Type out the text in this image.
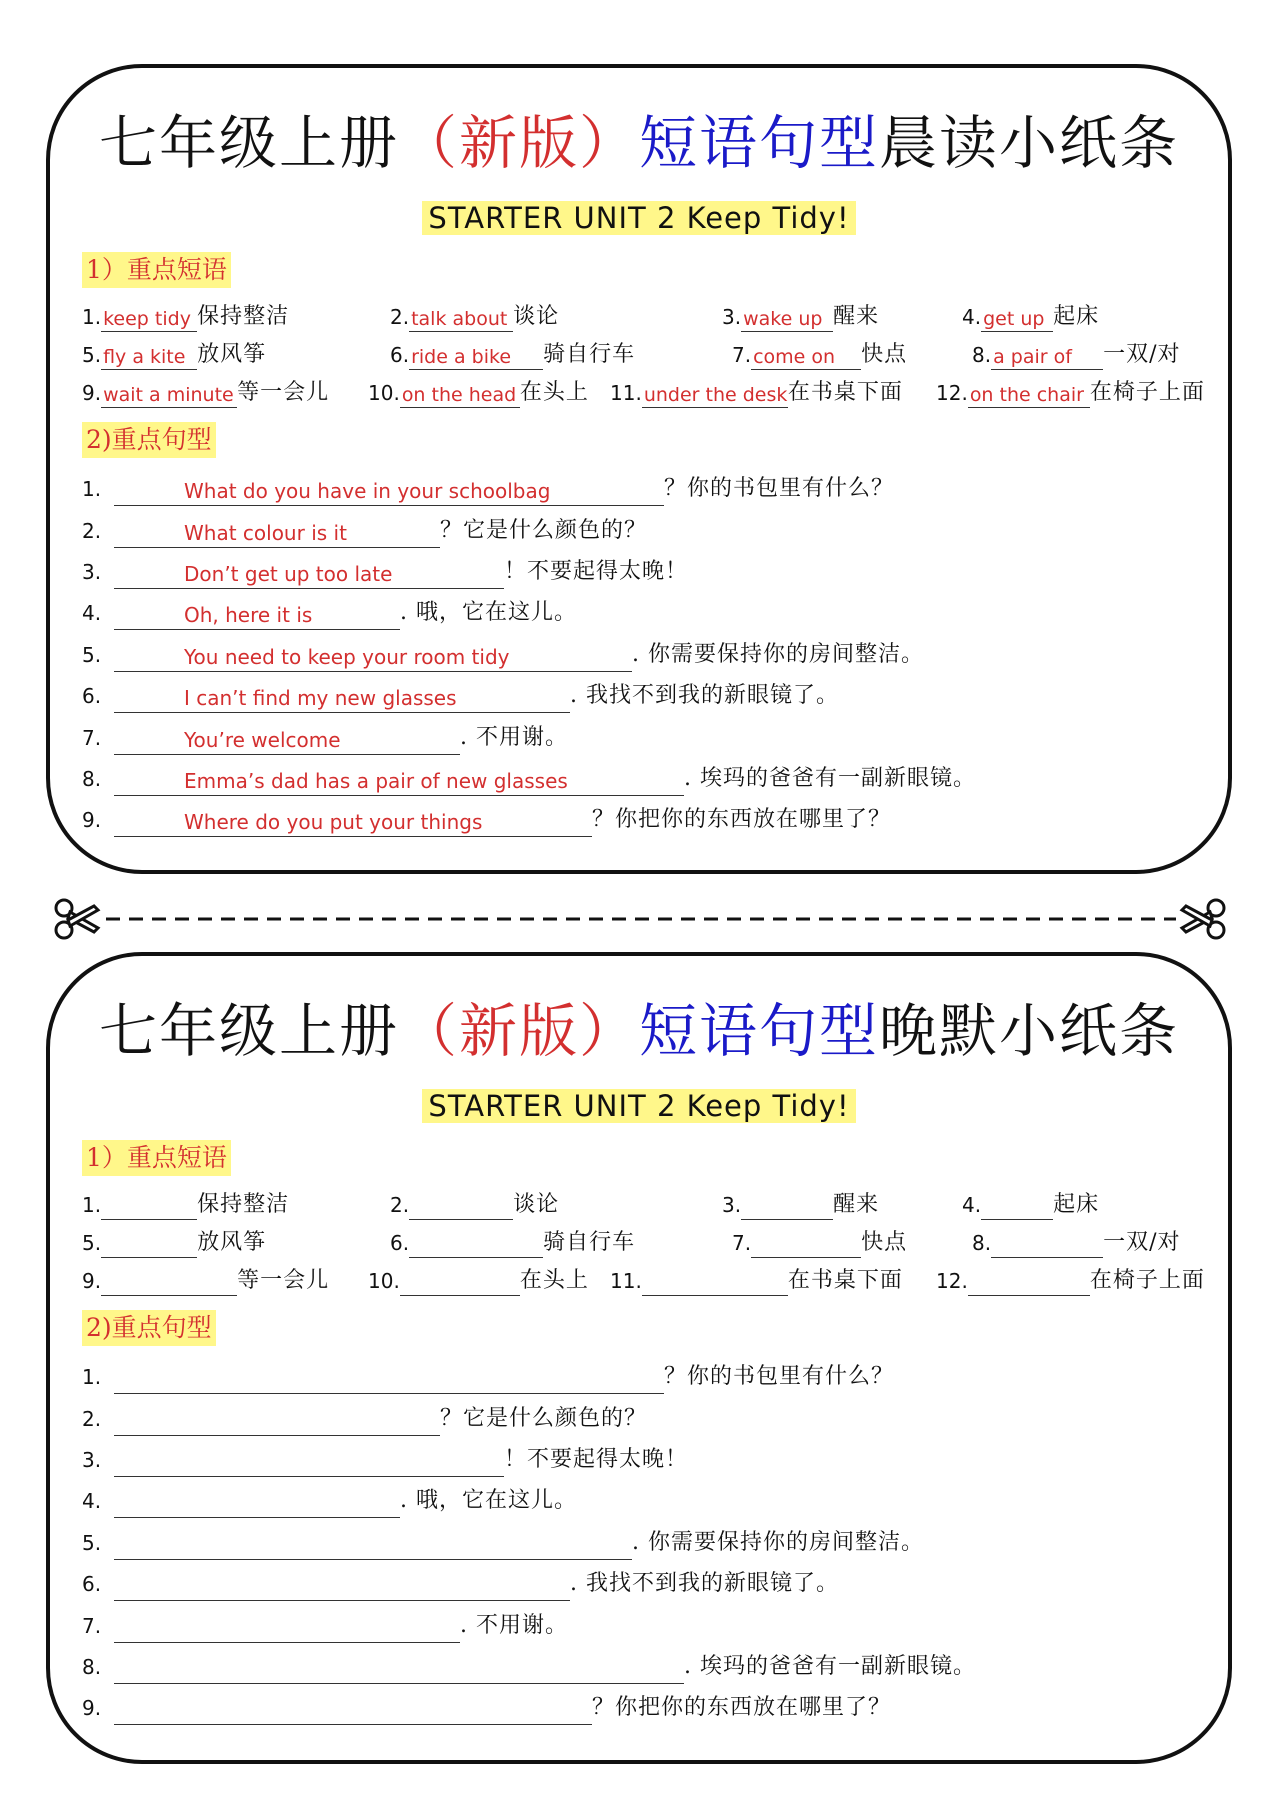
七年级上册（新版）短语句型晨读小纸条
STARTER UNIT 2 Keep Tidy!
1）重点短语
2)重点句型
1. keep tidy 保持整洁	2. talk about 谈论	3. wake up 醒来	4. get up 起床
5. fly a kite 放风筝	6. ride a bike	骑自行车	7. come on	快点	8. a pair of	一双/对
9. wait a minute 等一会儿 10. on the head 在头上 11. under the desk 在书桌下面 12. on the chair 在椅子上面
1.	What do you have in your schoolbag	？你的书包里有什么？
2.	What colour is it	？它是什么颜色的？
3.	Don’t get up too late	！不要起得太晚！
4.	Oh, here it is	. 哦，它在这儿。
5.	You need to keep your room tidy	. 你需要保持你的房间整洁。
6.	I can’t find my new glasses	. 我找不到我的新眼镜了。
7.	You’re welcome	. 不用谢。
8.	Emma’s dad has a pair of new glasses	. 埃玛的爸爸有一副新眼镜。
9.	Where do you put your things	？你把你的东西放在哪里了？
七年级上册（新版）短语句型晚默小纸条
STARTER UNIT 2 Keep Tidy!
1）重点短语
2)重点句型
1.	保持整洁	2.	谈论	3.	醒来	4.	起床
5.	放风筝	6.	骑自行车	7.	快点	8.	一双/对
9.	等一会儿 10.	在头上 11.	在书桌下面 12.	在椅子上面
1.	？你的书包里有什么？
2.	？它是什么颜色的？
3.	！不要起得太晚！
4.	. 哦，它在这儿。
5.	. 你需要保持你的房间整洁。
6.	. 我找不到我的新眼镜了。
7.	. 不用谢。
8.	. 埃玛的爸爸有一副新眼镜。
9.	？你把你的东西放在哪里了？
